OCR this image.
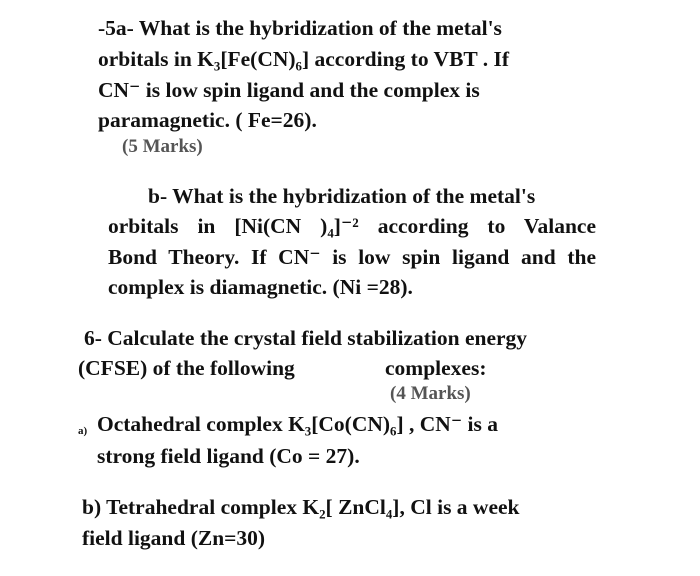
-5a- What is the hybridization of the metal's
orbitals in K₃[Fe(CN)₆] according to VBT . If
CN⁻ is low spin ligand and the complex is
paramagnetic. ( Fe=26).
(5 Marks)
b- What is the hybridization of the metal's
orbitals in [Ni(CN )₄]⁻² according to Valance
Bond Theory. If CN⁻ is low spin ligand and the
complex is diamagnetic. (Ni =28).
6- Calculate the crystal field stabilization energy
(CFSE) of the following	complexes:
(4 Marks)
a) Octahedral complex K₃[Co(CN)₆] , CN⁻ is a
strong field ligand (Co = 27).
b) Tetrahedral complex K₂[ ZnCl₄], Cl is a week
field ligand (Zn=30)
